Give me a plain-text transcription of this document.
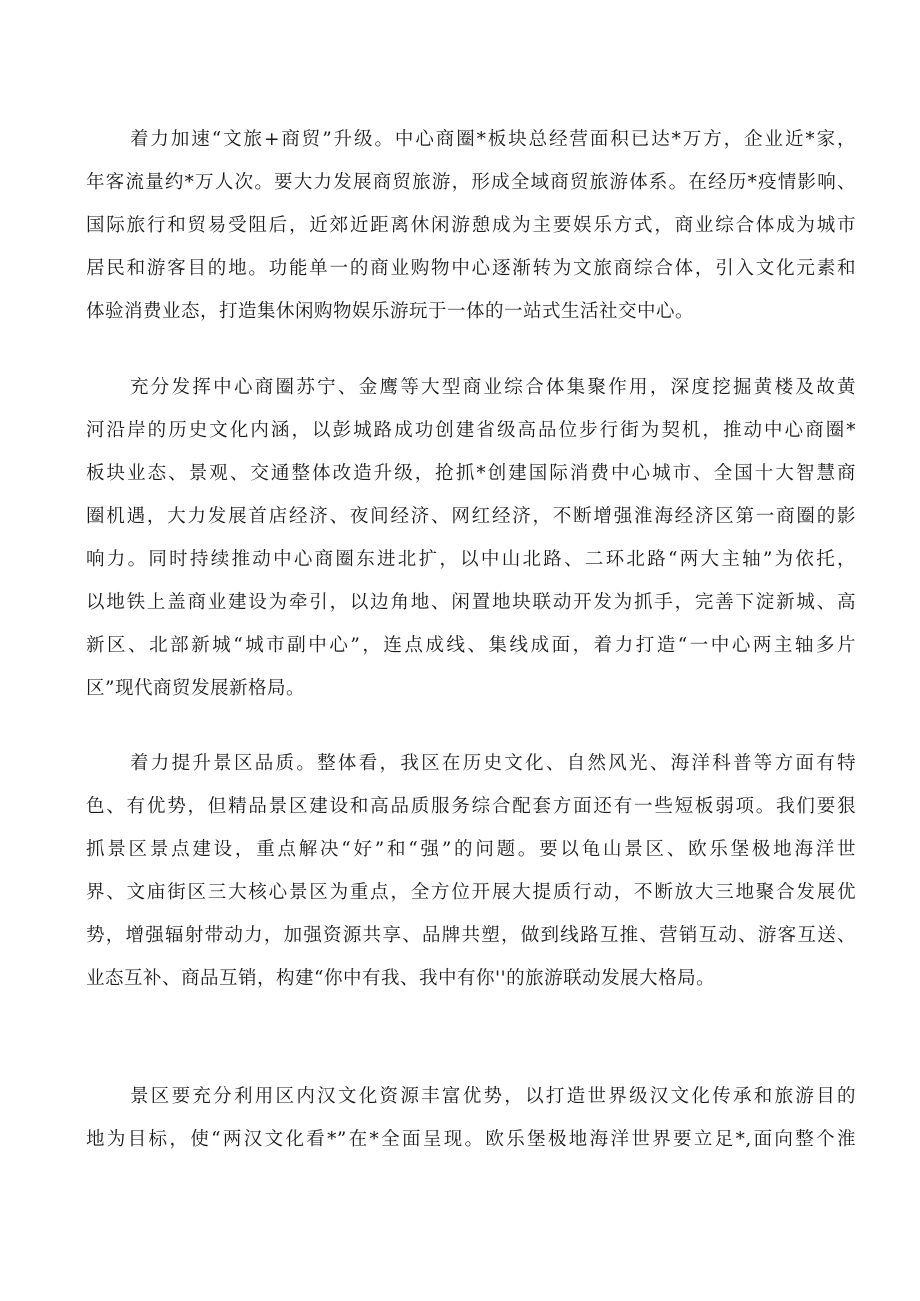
着力加速“文旅+商贸”升级。中心商圈*板块总经营面积已达*万方，企业近*家，
年客流量约*万人次。要大力发展商贸旅游，形成全域商贸旅游体系。在经历*疫情影响、
国际旅行和贸易受阻后，近郊近距离休闲游憩成为主要娱乐方式，商业综合体成为城市
居民和游客目的地。功能单一的商业购物中心逐渐转为文旅商综合体，引入文化元素和
体验消费业态，打造集休闲购物娱乐游玩于一体的一站式生活社交中心。
充分发挥中心商圈苏宁、金鹰等大型商业综合体集聚作用，深度挖掘黄楼及故黄
河沿岸的历史文化内涵，以彭城路成功创建省级高品位步行街为契机，推动中心商圈*
板块业态、景观、交通整体改造升级，抢抓*创建国际消费中心城市、全国十大智慧商
圈机遇，大力发展首店经济、夜间经济、网红经济，不断增强淮海经济区第一商圈的影
响力。同时持续推动中心商圈东进北扩，以中山北路、二环北路“两大主轴”为依托，
以地铁上盖商业建设为牵引，以边角地、闲置地块联动开发为抓手，完善下淀新城、高
新区、北部新城“城市副中心”，连点成线、集线成面，着力打造“一中心两主轴多片
区”现代商贸发展新格局。
着力提升景区品质。整体看，我区在历史文化、自然风光、海洋科普等方面有特
色、有优势，但精品景区建设和高品质服务综合配套方面还有一些短板弱项。我们要狠
抓景区景点建设，重点解决“好”和“强”的问题。要以龟山景区、欧乐堡极地海洋世
界、文庙街区三大核心景区为重点，全方位开展大提质行动，不断放大三地聚合发展优
势，增强辐射带动力，加强资源共享、品牌共塑，做到线路互推、营销互动、游客互送、
业态互补、商品互销，构建“你中有我、我中有你''的旅游联动发展大格局。
景区要充分利用区内汉文化资源丰富优势，以打造世界级汉文化传承和旅游目的
地为目标，使“两汉文化看*”在*全面呈现。欧乐堡极地海洋世界要立足*,面向整个淮
